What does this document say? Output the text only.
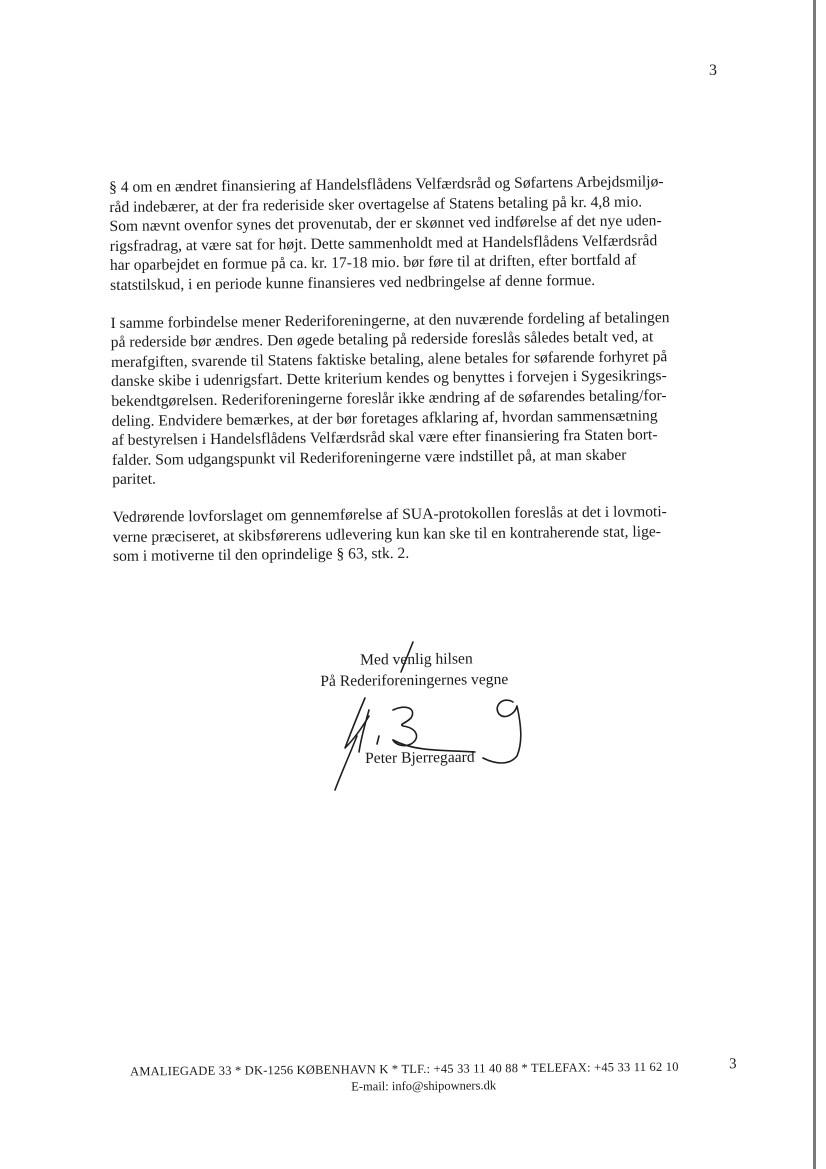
3

§ 4 om en ændret finansiering af Handelsflådens Velfærdsråd og Søfartens Arbejdsmiljø-
råd indebærer, at der fra rederiside sker overtagelse af Statens betaling på kr. 4,8 mio.
Som nævnt ovenfor synes det provenutab, der er skønnet ved indførelse af det nye uden-
rigsfradrag, at være sat for højt. Dette sammenholdt med at Handelsflådens Velfærdsråd
har oparbejdet en formue på ca. kr. 17-18 mio. bør føre til at driften, efter bortfald af
statstilskud, i en periode kunne finansieres ved nedbringelse af denne formue.

I samme forbindelse mener Rederiforeningerne, at den nuværende fordeling af betalingen
på rederside bør ændres. Den øgede betaling på rederside foreslås således betalt ved, at
merafgiften, svarende til Statens faktiske betaling, alene betales for søfarende forhyret på
danske skibe i udenrigsfart. Dette kriterium kendes og benyttes i forvejen i Sygesikrings-
bekendtgørelsen. Rederiforeningerne foreslår ikke ændring af de søfarendes betaling/for-
deling. Endvidere bemærkes, at der bør foretages afklaring af, hvordan sammensætning
af bestyrelsen i Handelsflådens Velfærdsråd skal være efter finansiering fra Staten bort-
falder. Som udgangspunkt vil Rederiforeningerne være indstillet på, at man skaber
paritet.

Vedrørende lovforslaget om gennemførelse af SUA-protokollen foreslås at det i lovmoti-
verne præciseret, at skibsførerens udlevering kun kan ske til en kontraherende stat, lige-
som i motiverne til den oprindelige § 63, stk. 2.

Med venlig hilsen
På Rederiforeningernes vegne
Peter Bjerregaard
AMALIEGADE 33 * DK-1256 KØBENHAVN K * TLF.: +45 33 11 40 88 * TELEFAX: +45 33 11 62 10	3
E-mail: info@shipowners.dk
